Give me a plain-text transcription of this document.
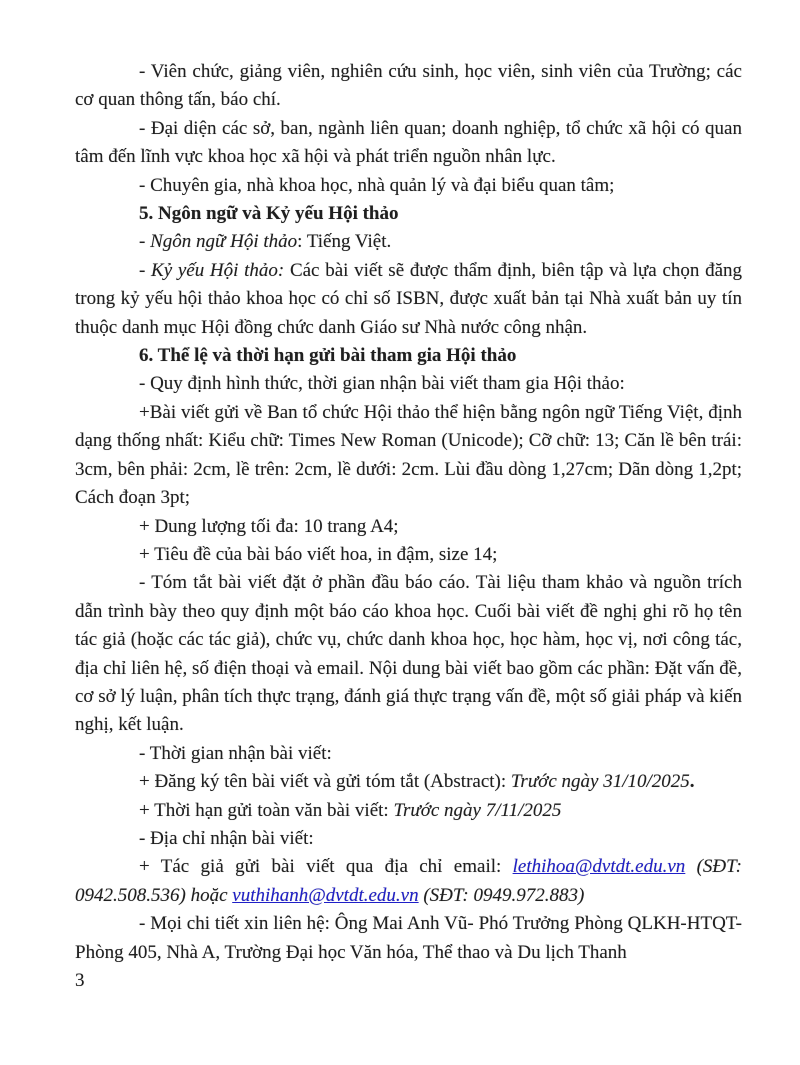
- Viên chức, giảng viên, nghiên cứu sinh, học viên, sinh viên của Trường; các cơ quan thông tấn, báo chí.

- Đại diện các sở, ban, ngành liên quan; doanh nghiệp, tổ chức xã hội có quan tâm đến lĩnh vực khoa học xã hội và phát triển nguồn nhân lực.

- Chuyên gia, nhà khoa học, nhà quản lý và đại biểu quan tâm;

5. Ngôn ngữ và Kỷ yếu Hội thảo

- Ngôn ngữ Hội thảo: Tiếng Việt.

- Kỷ yếu Hội thảo: Các bài viết sẽ được thẩm định, biên tập và lựa chọn đăng trong kỷ yếu hội thảo khoa học có chỉ số ISBN, được xuất bản tại Nhà xuất bản uy tín thuộc danh mục Hội đồng chức danh Giáo sư Nhà nước công nhận.

6. Thể lệ và thời hạn gửi bài tham gia Hội thảo

- Quy định hình thức, thời gian nhận bài viết tham gia Hội thảo:

+Bài viết gửi về Ban tổ chức Hội thảo thể hiện bằng ngôn ngữ Tiếng Việt, định dạng thống nhất: Kiểu chữ: Times New Roman (Unicode); Cỡ chữ: 13; Căn lề bên trái: 3cm, bên phải: 2cm, lề trên: 2cm, lề dưới: 2cm. Lùi đầu dòng 1,27cm; Dãn dòng 1,2pt; Cách đoạn 3pt;

+ Dung lượng tối đa: 10 trang A4;

+ Tiêu đề của bài báo viết hoa, in đậm, size 14;

- Tóm tắt bài viết đặt ở phần đầu báo cáo. Tài liệu tham khảo và nguồn trích dẫn trình bày theo quy định một báo cáo khoa học. Cuối bài viết đề nghị ghi rõ họ tên tác giả (hoặc các tác giả), chức vụ, chức danh khoa học, học hàm, học vị, nơi công tác, địa chỉ liên hệ, số điện thoại và email. Nội dung bài viết bao gồm các phần: Đặt vấn đề, cơ sở lý luận, phân tích thực trạng, đánh giá thực trạng vấn đề, một số giải pháp và kiến nghị, kết luận.

- Thời gian nhận bài viết:

+ Đăng ký tên bài viết và gửi tóm tắt (Abstract): Trước ngày 31/10/2025.

+ Thời hạn gửi toàn văn bài viết: Trước ngày 7/11/2025

- Địa chỉ nhận bài viết:

+ Tác giả gửi bài viết qua địa chỉ email: lethihoa@dvtdt.edu.vn (SĐT: 0942.508.536) hoặc vuthihanh@dvtdt.edu.vn (SĐT: 0949.972.883)

- Mọi chi tiết xin liên hệ: Ông Mai Anh Vũ- Phó Trưởng Phòng QLKH-HTQT- Phòng 405, Nhà A, Trường Đại học Văn hóa, Thể thao và Du lịch Thanh

3
